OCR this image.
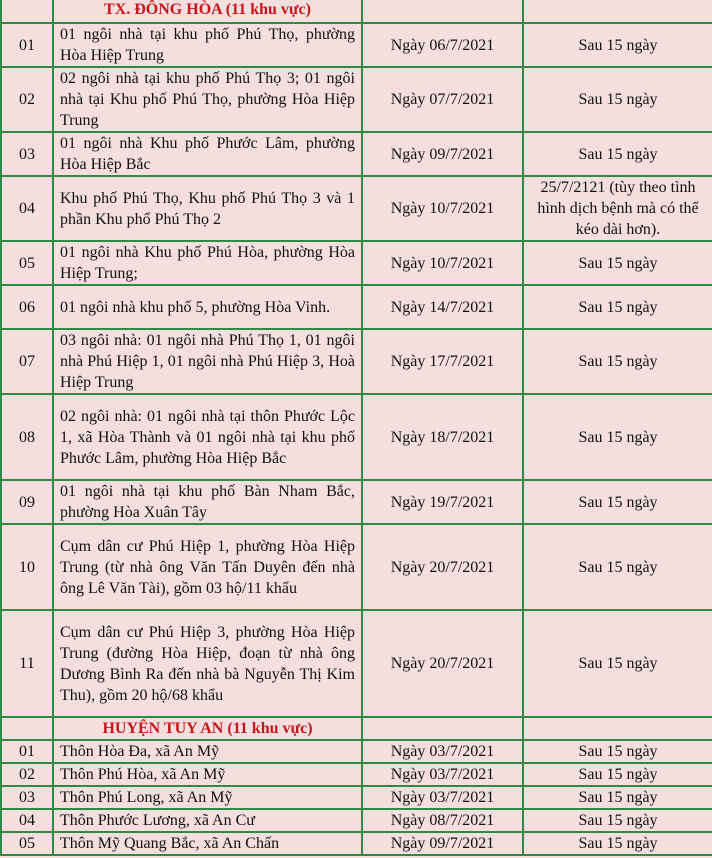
	TX. ĐÔNG HÒA (11 khu vực)		
01	01 ngôi nhà tại khu phố Phú Thọ, phường Hòa Hiệp Trung	Ngày 06/7/2021	Sau 15 ngày
02	02 ngôi nhà tại khu phố Phú Thọ 3; 01 ngôi nhà tại Khu phố Phú Thọ, phường Hòa Hiệp Trung	Ngày 07/7/2021	Sau 15 ngày
03	01 ngôi nhà Khu phố Phước Lâm, phường Hòa Hiệp Bắc	Ngày 09/7/2021	Sau 15 ngày
04	Khu phố Phú Thọ, Khu phố Phú Thọ 3 và 1 phần Khu phố Phú Thọ 2	Ngày 10/7/2021	25/7/2121 (tùy theo tình hình dịch bệnh mà có thể kéo dài hơn).
05	01 ngôi nhà Khu phố Phú Hòa, phường Hòa Hiệp Trung;	Ngày 10/7/2021	Sau 15 ngày
06	01 ngôi nhà khu phố 5, phường Hòa Vinh.	Ngày 14/7/2021	Sau 15 ngày
07	03 ngôi nhà: 01 ngôi nhà Phú Thọ 1, 01 ngôi nhà Phú Hiệp 1, 01 ngôi nhà Phú Hiệp 3, Hoà Hiệp Trung	Ngày 17/7/2021	Sau 15 ngày
08	02 ngôi nhà: 01 ngôi nhà tại thôn Phước Lộc 1, xã Hòa Thành và 01 ngôi nhà tại khu phố Phước Lâm, phường Hòa Hiệp Bắc	Ngày 18/7/2021	Sau 15 ngày
09	01 ngôi nhà tại khu phố Bàn Nham Bắc, phường Hòa Xuân Tây	Ngày 19/7/2021	Sau 15 ngày
10	Cụm dân cư Phú Hiệp 1, phường Hòa Hiệp Trung (từ nhà ông Văn Tấn Duyên đến nhà ông Lê Văn Tài), gồm 03 hộ/11 khẩu	Ngày 20/7/2021	Sau 15 ngày
11	Cụm dân cư Phú Hiệp 3, phường Hòa Hiệp Trung (đường Hòa Hiệp, đoạn từ nhà ông Dương Bình Ra đến nhà bà Nguyễn Thị Kim Thu), gồm 20 hộ/68 khẩu	Ngày 20/7/2021	Sau 15 ngày
	HUYỆN TUY AN (11 khu vực)		
01	Thôn Hòa Đa, xã An Mỹ	Ngày 03/7/2021	Sau 15 ngày
02	Thôn Phú Hòa, xã An Mỹ	Ngày 03/7/2021	Sau 15 ngày
03	Thôn Phú Long, xã An Mỹ	Ngày 03/7/2021	Sau 15 ngày
04	Thôn Phước Lương, xã An Cư	Ngày 08/7/2021	Sau 15 ngày
05	Thôn Mỹ Quang Bắc, xã An Chấn	Ngày 09/7/2021	Sau 15 ngày
